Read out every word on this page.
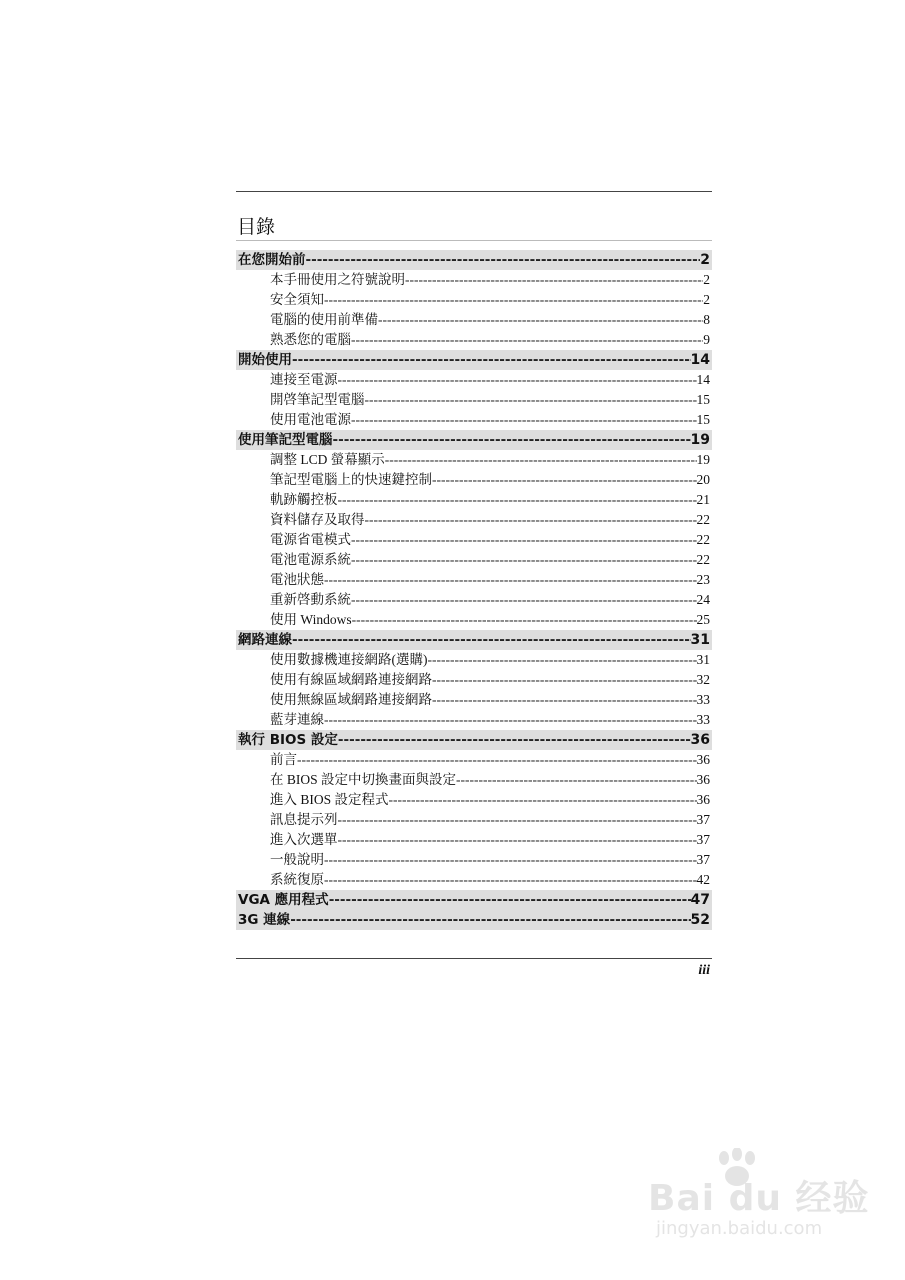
目錄
在您開始前 -----	2
本手冊使用之符號說明 -----	2
安全須知 -----	2
電腦的使用前準備 -----	8
熟悉您的電腦 -----	9
開始使用 -----	14
連接至電源 -----	14
開啓筆記型電腦 -----	15
使用電池電源 -----	15
使用筆記型電腦 -----	19
調整 LCD 螢幕顯示 -----	19
筆記型電腦上的快速鍵控制 -----	20
軌跡觸控板 -----	21
資料儲存及取得 -----	22
電源省電模式 -----	22
電池電源系統 -----	22
電池狀態 -----	23
重新啓動系統 -----	24
使用 Windows -----	25
網路連線 -----	31
使用數據機連接網路(選購) -----	31
使用有線區域網路連接網路 -----	32
使用無線區域網路連接網路 -----	33
藍芽連線 -----	33
執行 BIOS 設定 -----	36
前言 -----	36
在 BIOS 設定中切換畫面與設定 -----	36
進入 BIOS 設定程式 -----	36
訊息提示列 -----	37
進入次選單 -----	37
一般說明 -----	37
系統復原 -----	42
VGA 應用程式 -----	47
3G 連線 -----	52
iii
Bai du 经验
jingyan.baidu.com
